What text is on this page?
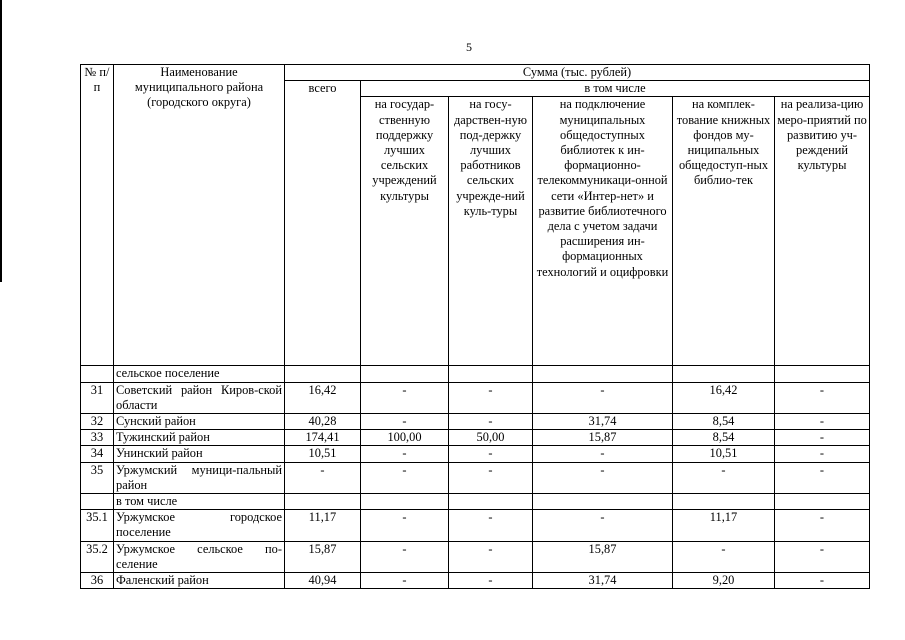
5
№ п/п	Наименование муниципального района (городского округа)	Сумма (тыс. рублей)					
		всего	в том числе				
			на государ-ственную поддержку лучших сельских учреждений культуры	на госу-дарствен-ную под-держку лучших работников сельских учрежде-ний куль-туры	на подключение муниципальных общедоступных библиотек к ин-формационно-телекоммуникаци-онной сети «Интер-нет» и развитие библиотечного дела с учетом задачи расширения ин-формационных технологий и оцифровки	на комплек-тование книжных фондов му-ниципальных общедоступ-ных библио-тек	на реализа-цию меро-приятий по развитию уч-реждений культуры
	сельское поселение						
31	Советский район Киров-ской области	16,42	-	-	-	16,42	-
32	Сунский район	40,28	-	-	31,74	8,54	-
33	Тужинский район	174,41	100,00	50,00	15,87	8,54	-
34	Унинский район	10,51	-	-	-	10,51	-
35	Уржумский муници-пальный район	-	-	-	-	-	-
	в том числе						
35.1	Уржумское городское поселение	11,17	-	-	-	11,17	-
35.2	Уржумское сельское по-селение	15,87	-	-	15,87	-	-
36	Фаленский район	40,94	-	-	31,74	9,20	-
